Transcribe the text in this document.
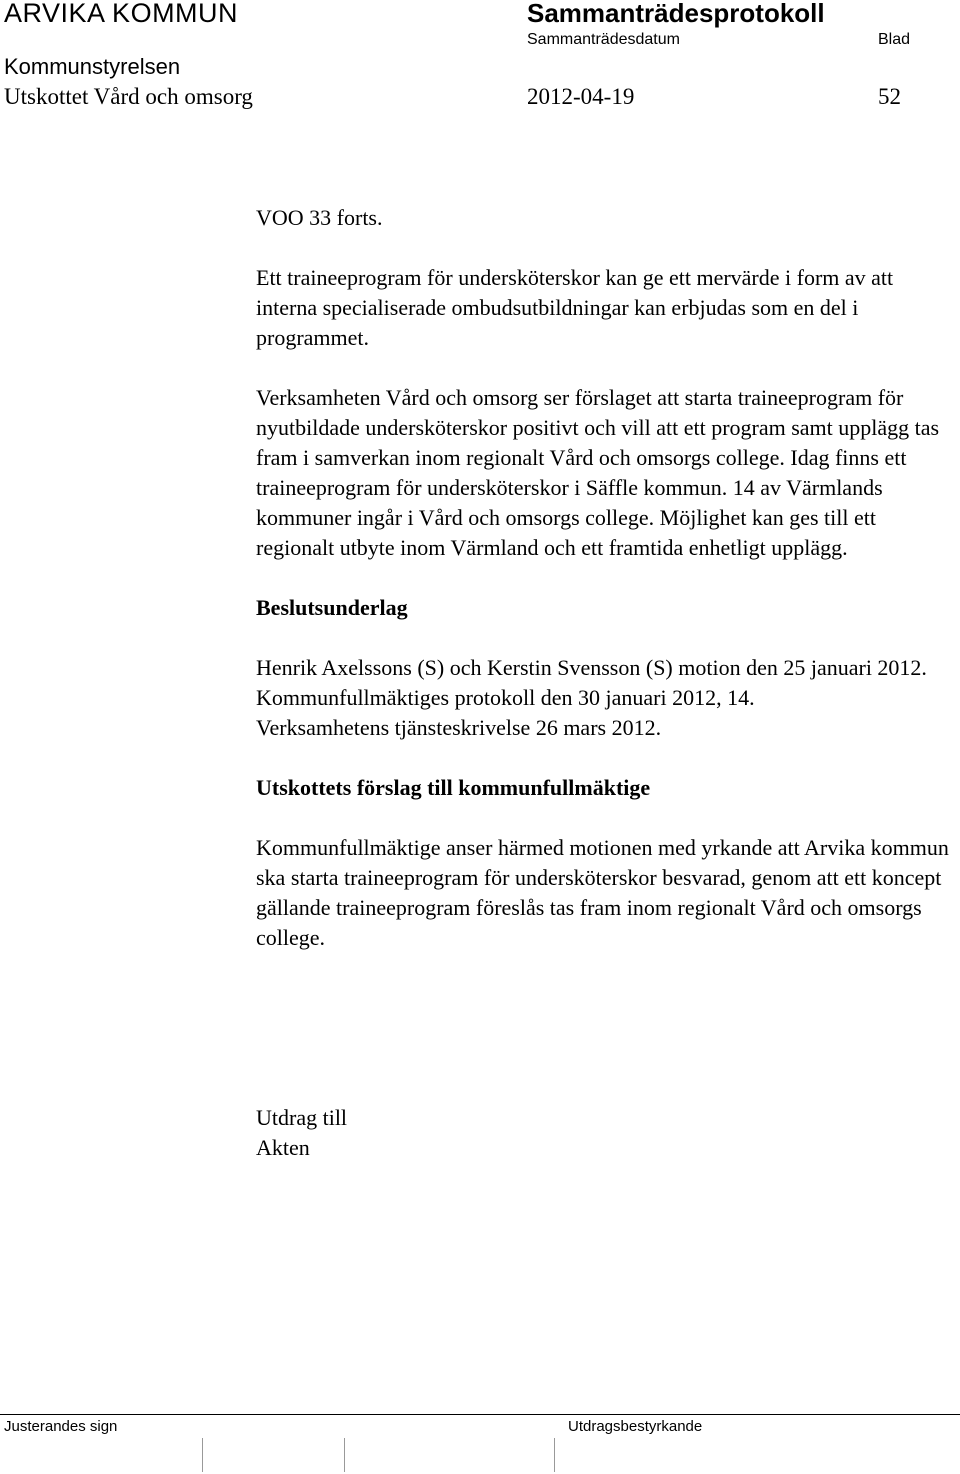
ARVIKA KOMMUN	Sammanträdesprotokoll
Sammanträdesdatum	Blad
Kommunstyrelsen
Utskottet Vård och omsorg	2012-04-19	52

VOO 33 forts.

Ett traineeprogram för undersköterskor kan ge ett mervärde i form av att interna specialiserade ombudsutbildningar kan erbjudas som en del i programmet.

Verksamheten Vård och omsorg ser förslaget att starta traineeprogram för nyutbildade undersköterskor positivt och vill att ett program samt upplägg tas fram i samverkan inom regionalt Vård och omsorgs college. Idag finns ett traineeprogram för undersköterskor i Säffle kommun. 14 av Värmlands kommuner ingår i Vård och omsorgs college. Möjlighet kan ges till ett regionalt utbyte inom Värmland och ett framtida enhetligt upplägg.

Beslutsunderlag

Henrik Axelssons (S) och Kerstin Svensson (S) motion den 25 januari 2012.

Kommunfullmäktiges protokoll den 30 januari 2012, 14.

Verksamhetens tjänsteskrivelse 26 mars 2012.

Utskottets förslag till kommunfullmäktige

Kommunfullmäktige anser härmed motionen med yrkande att Arvika kommun ska starta traineeprogram för undersköterskor besvarad, genom att ett koncept gällande traineeprogram föreslås tas fram inom regionalt Vård och omsorgs college.

Utdrag till

Akten

Justerandes sign	Utdragsbestyrkande
